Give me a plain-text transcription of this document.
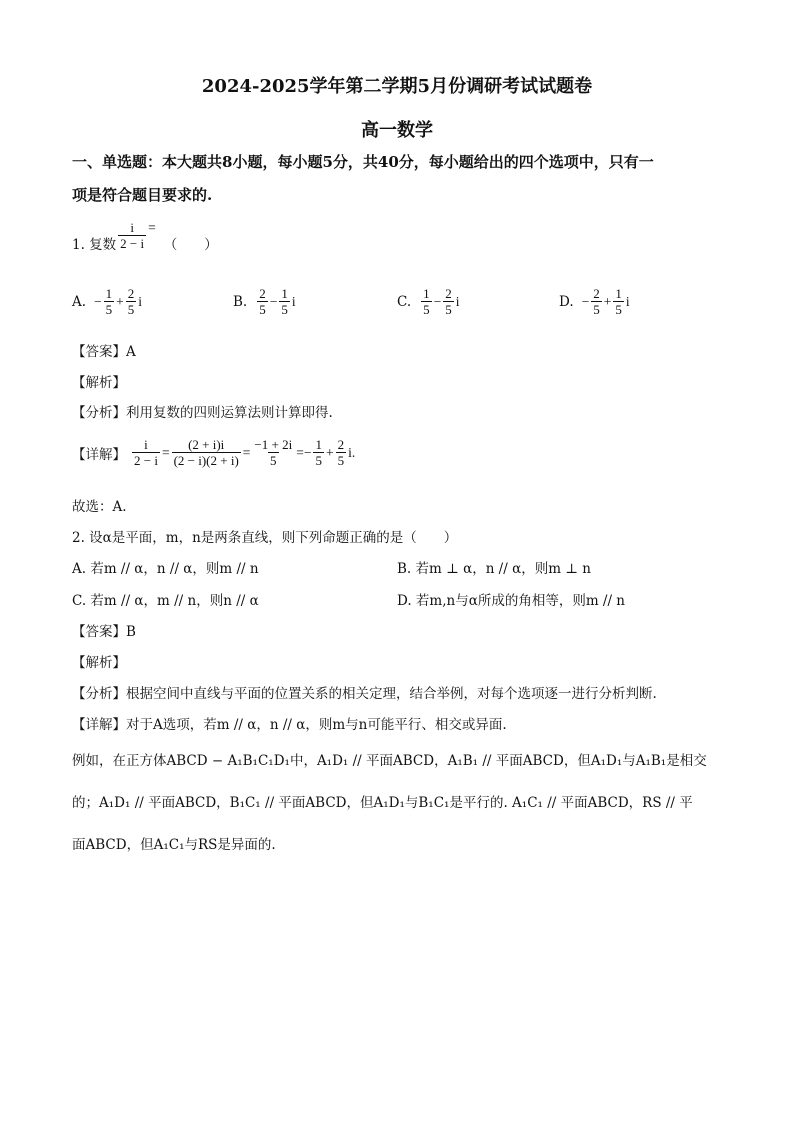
2024-2025学年第二学期5月份调研考试试题卷
高一数学
一、单选题：本大题共8小题，每小题5分，共40分，每小题给出的四个选项中，只有一
项是符合题目要求的.
1. 复数 $\frac{i}{2 - i}$ =
（　　）
A. − $\frac{1}{5} + \frac{2}{5}$ i	B. $\frac{2}{5} - \frac{1}{5}$ i	C. $\frac{1}{5} - \frac{2}{5}$ i	D. − $\frac{2}{5} + \frac{1}{5}$ i
【答案】A
【解析】
【分析】利用复数的四则运算法则计算即得.
【详解】 $\frac{i}{2 - i} = \frac{(2 + i)i}{(2 - i)(2 + i)} = \frac{-1 + 2i}{5}$ = − $\frac{1}{5} + \frac{2}{5}$ i .
故选：A.
2. 设α是平面，m，n是两条直线，则下列命题正确的是（　　）
A. 若m // α，n // α，则m // n	B. 若m ⊥ α，n // α，则m ⊥ n
C. 若m // α，m // n，则n // α	D. 若m,n与α所成的角相等，则m // n
【答案】B
【解析】
【分析】根据空间中直线与平面的位置关系的相关定理，结合举例，对每个选项逐一进行分析判断.
【详解】对于A选项，若m // α，n // α，则m与n可能平行、相交或异面.
例如，在正方体ABCD − A₁B₁C₁D₁中，A₁D₁ // 平面ABCD，A₁B₁ // 平面ABCD，但A₁D₁与A₁B₁是相交
的；A₁D₁ // 平面ABCD，B₁C₁ // 平面ABCD，但A₁D₁与B₁C₁是平行的. A₁C₁ // 平面ABCD，RS // 平
面ABCD，但A₁C₁与RS是异面的.
